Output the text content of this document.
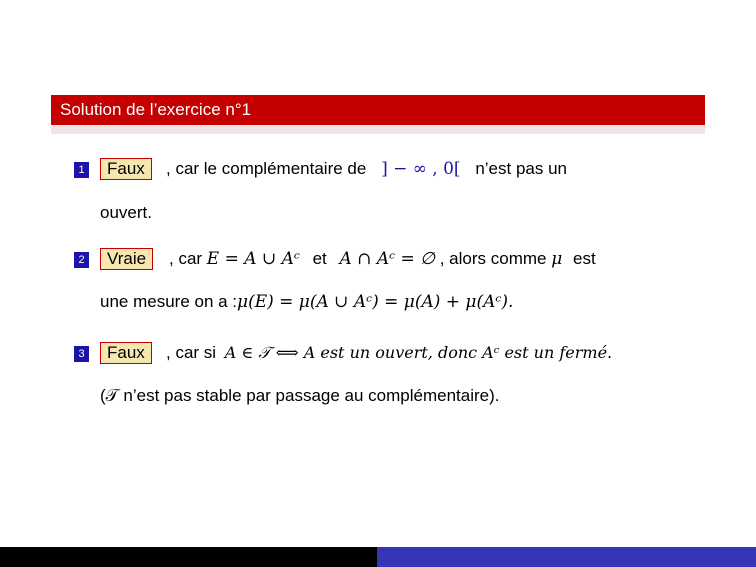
Solution de l’exercice n°1
1	Faux	, car le complémentaire de ] − ∞ , 0[ n’est pas un
ouvert.
2	Vraie	, car E = A ∪ Aᶜ et A ∩ Aᶜ = ∅ , alors comme μ est
une mesure on a :μ(E) = μ(A ∪ Aᶜ) = μ(A) + μ(Aᶜ).
3	Faux	, car si A ∈ 𝒯 ⟺ A est un ouvert, donc Aᶜ est un fermé.
(𝒯 n’est pas stable par passage au complémentaire).
